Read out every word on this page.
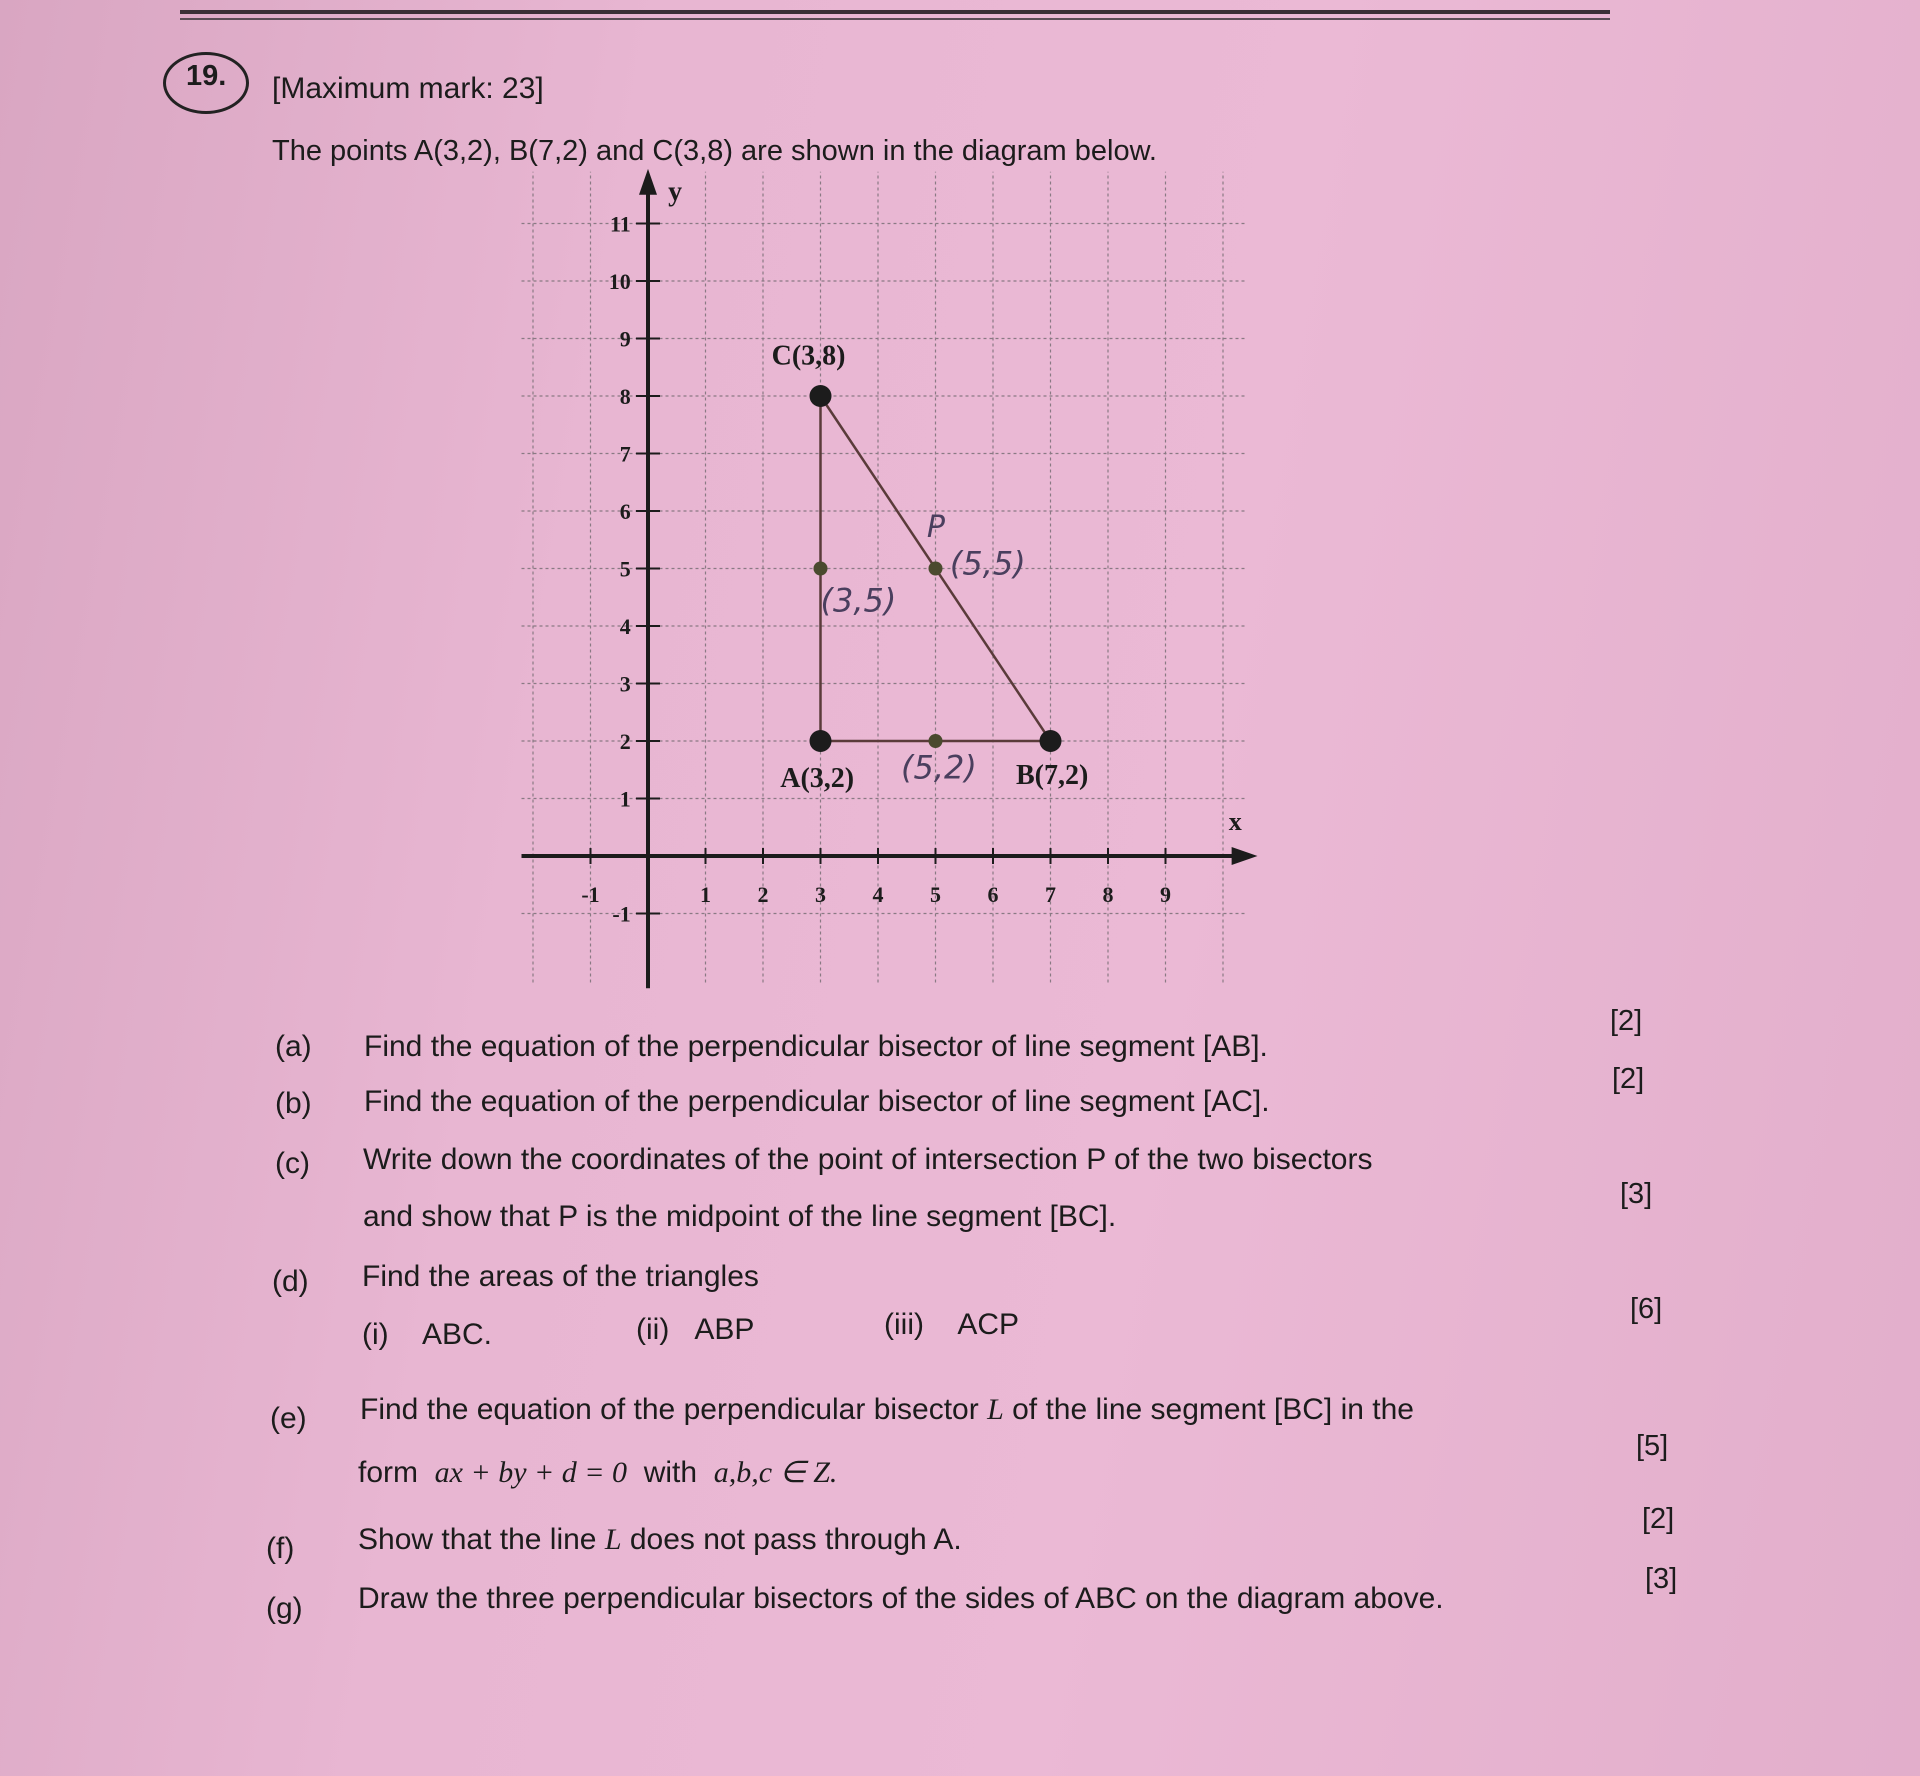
19. [Maximum mark: 23]
The points A(3,2), B(7,2) and C(3,8) are shown in the diagram below.
x
y
-1	1 2 3 4 5 6 7 8 9
11
10
9
8
7
6
5
4
3
2
1
-1
C(3,8)
A(3,2)	B(7,2)
(3,5)
P
(5,5)
(5,2)
(a) Find the equation of the perpendicular bisector of line segment [AB].
[2]
(b) Find the equation of the perpendicular bisector of line segment [AC].
[2]
(c) Write down the coordinates of the point of intersection P of the two bisectors
and show that P is the midpoint of the line segment [BC].
[3]
(d) Find the areas of the triangles
(i) ABC.	(ii) ABP	(iii) ACP	[6]
(e) Find the equation of the perpendicular bisector L of the line segment [BC] in the
form ax + by + d = 0 with a,b,c ∈ Z.
[5]
(f) Show that the line L does not pass through A.
[2]
(g) Draw the three perpendicular bisectors of the sides of ABC on the diagram above.
[3]
